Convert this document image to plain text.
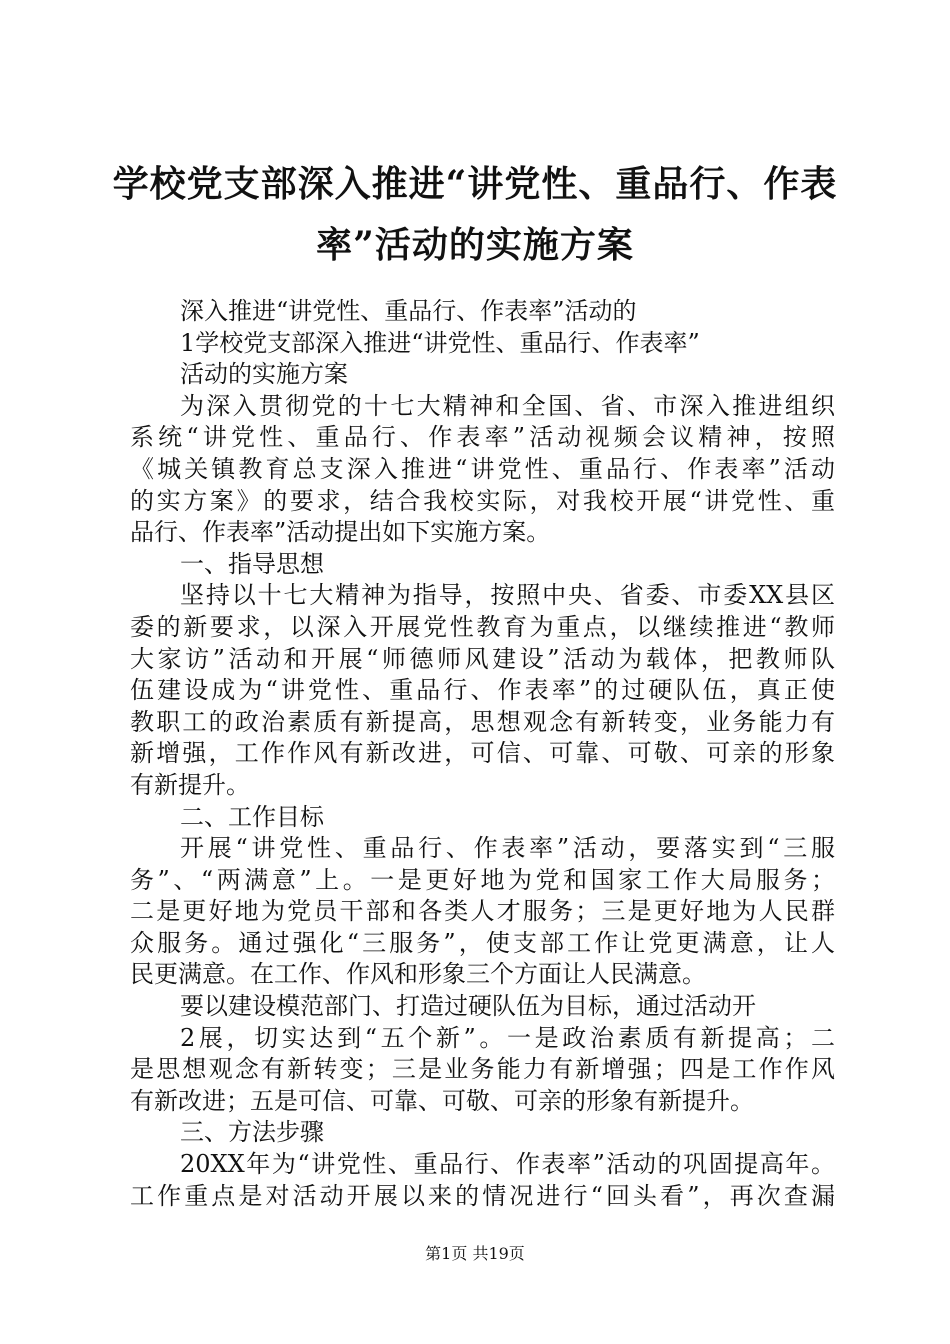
学校党支部深入推进“讲党性、重品行、作表
率”活动的实施方案
深入推进“讲党性、重品行、作表率”活动的
1学校党支部深入推进“讲党性、重品行、作表率”
活动的实施方案
为深入贯彻党的十七大精神和全国、省、市深入推进组织
系统“讲党性、重品行、作表率”活动视频会议精神，按照
《城关镇教育总支深入推进“讲党性、重品行、作表率”活动
的实方案》的要求，结合我校实际，对我校开展“讲党性、重
品行、作表率”活动提出如下实施方案。
一、指导思想
坚持以十七大精神为指导，按照中央、省委、市委XX县区
委的新要求，以深入开展党性教育为重点，以继续推进“教师
大家访”活动和开展“师德师风建设”活动为载体，把教师队
伍建设成为“讲党性、重品行、作表率”的过硬队伍，真正使
教职工的政治素质有新提高，思想观念有新转变，业务能力有
新增强，工作作风有新改进，可信、可靠、可敬、可亲的形象
有新提升。
二、工作目标
开展“讲党性、重品行、作表率”活动，要落实到“三服
务”、“两满意”上。一是更好地为党和国家工作大局服务；
二是更好地为党员干部和各类人才服务；三是更好地为人民群
众服务。通过强化“三服务”，使支部工作让党更满意，让人
民更满意。在工作、作风和形象三个方面让人民满意。
要以建设模范部门、打造过硬队伍为目标，通过活动开
2展，切实达到“五个新”。一是政治素质有新提高；二
是思想观念有新转变；三是业务能力有新增强；四是工作作风
有新改进；五是可信、可靠、可敬、可亲的形象有新提升。
三、方法步骤
20XX年为“讲党性、重品行、作表率”活动的巩固提高年。
工作重点是对活动开展以来的情况进行“回头看”，再次查漏
第1页 共19页
